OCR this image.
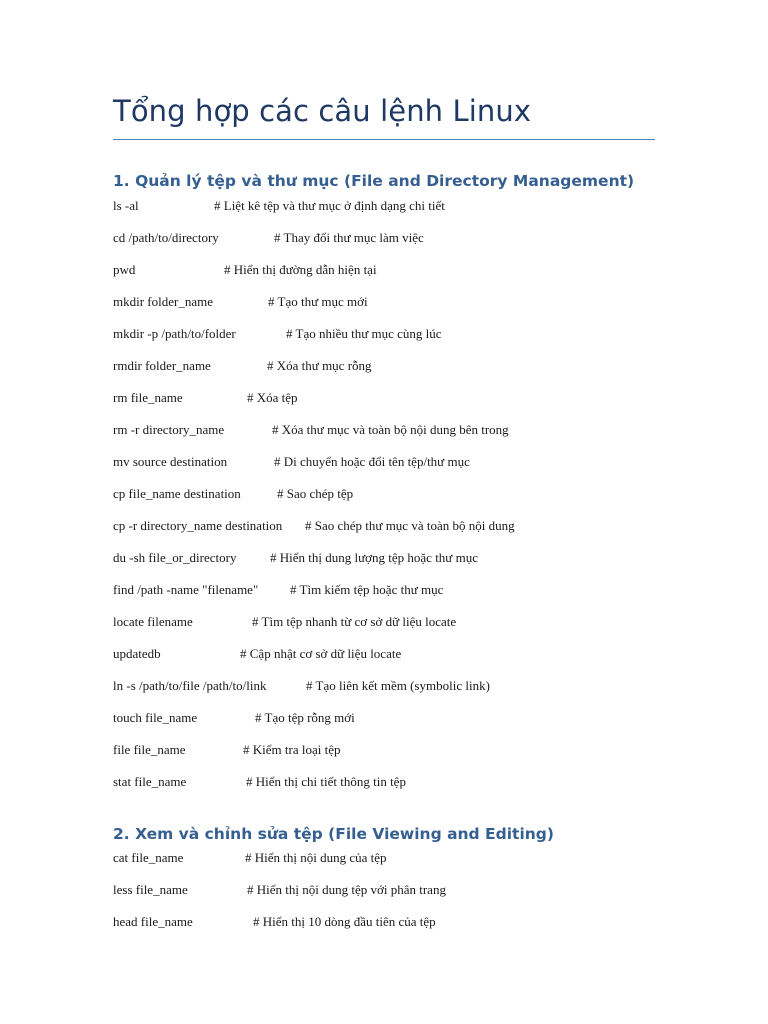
Tổng hợp các câu lệnh Linux
1. Quản lý tệp và thư mục (File and Directory Management)
ls -al	# Liệt kê tệp và thư mục ở định dạng chi tiết
cd /path/to/directory	# Thay đổi thư mục làm việc
pwd	# Hiển thị đường dẫn hiện tại
mkdir folder_name	# Tạo thư mục mới
mkdir -p /path/to/folder	# Tạo nhiều thư mục cùng lúc
rmdir folder_name	# Xóa thư mục rỗng
rm file_name	# Xóa tệp
rm -r directory_name	# Xóa thư mục và toàn bộ nội dung bên trong
mv source destination	# Di chuyển hoặc đổi tên tệp/thư mục
cp file_name destination	# Sao chép tệp
cp -r directory_name destination # Sao chép thư mục và toàn bộ nội dung
du -sh file_or_directory	# Hiển thị dung lượng tệp hoặc thư mục
find /path -name "filename" # Tìm kiếm tệp hoặc thư mục
locate filename	# Tìm tệp nhanh từ cơ sở dữ liệu locate
updatedb	# Cập nhật cơ sở dữ liệu locate
ln -s /path/to/file /path/to/link	# Tạo liên kết mềm (symbolic link)
touch file_name	# Tạo tệp rỗng mới
file file_name	# Kiểm tra loại tệp
stat file_name	# Hiển thị chi tiết thông tin tệp
2. Xem và chỉnh sửa tệp (File Viewing and Editing)
cat file_name	# Hiển thị nội dung của tệp
less file_name	# Hiển thị nội dung tệp với phân trang
head file_name	# Hiển thị 10 dòng đầu tiên của tệp
